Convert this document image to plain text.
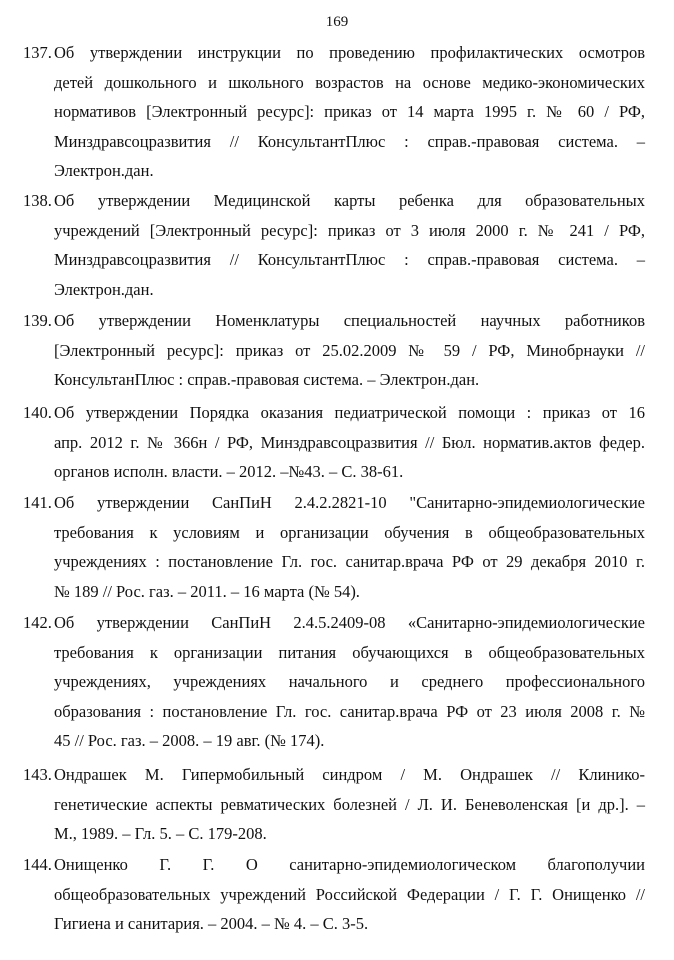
169
137. Об утверждении инструкции по проведению профилактических осмотров
детей дошкольного и школьного возрастов на основе медико-экономических
нормативов [Электронный ресурс]: приказ от 14 марта 1995 г. № 60 / РФ,
Минздравсоцразвития // КонсультантПлюс : справ.-правовая система. –
Электрон.дан.
138. Об утверждении Медицинской карты ребенка для образовательных
учреждений [Электронный ресурс]: приказ от 3 июля 2000 г. № 241 / РФ,
Минздравсоцразвития // КонсультантПлюс : справ.-правовая система. –
Электрон.дан.
139. Об утверждении Номенклатуры специальностей научных работников
[Электронный ресурс]: приказ от 25.02.2009 № 59 / РФ, Минобрнауки //
КонсультанПлюс : справ.-правовая система. – Электрон.дан.
140. Об утверждении Порядка оказания педиатрической помощи : приказ от 16
апр. 2012 г. № 366н / РФ, Минздравсоцразвития // Бюл. норматив.актов федер.
органов исполн. власти. – 2012. –№43. – С. 38-61.
141. Об утверждении СанПиН 2.4.2.2821-10 "Санитарно-эпидемиологические
требования к условиям и организации обучения в общеобразовательных
учреждениях : постановление Гл. гос. санитар.врача РФ от 29 декабря 2010 г.
№ 189 // Рос. газ. – 2011. – 16 марта (№ 54).
142. Об утверждении СанПиН 2.4.5.2409-08 «Санитарно-эпидемиологические
требования к организации питания обучающихся в общеобразовательных
учреждениях, учреждениях начального и среднего профессионального
образования : постановление Гл. гос. санитар.врача РФ от 23 июля 2008 г. №
45 // Рос. газ. – 2008. – 19 авг. (№ 174).
143. Ондрашек М. Гипермобильный синдром / М. Ондрашек // Клинико-
генетические аспекты ревматических болезней / Л. И. Беневоленская [и др.]. –
М., 1989. – Гл. 5. – С. 179-208.
144. Онищенко Г. Г. О санитарно-эпидемиологическом благополучии
общеобразовательных учреждений Российской Федерации / Г. Г. Онищенко //
Гигиена и санитария. – 2004. – № 4. – С. 3-5.
